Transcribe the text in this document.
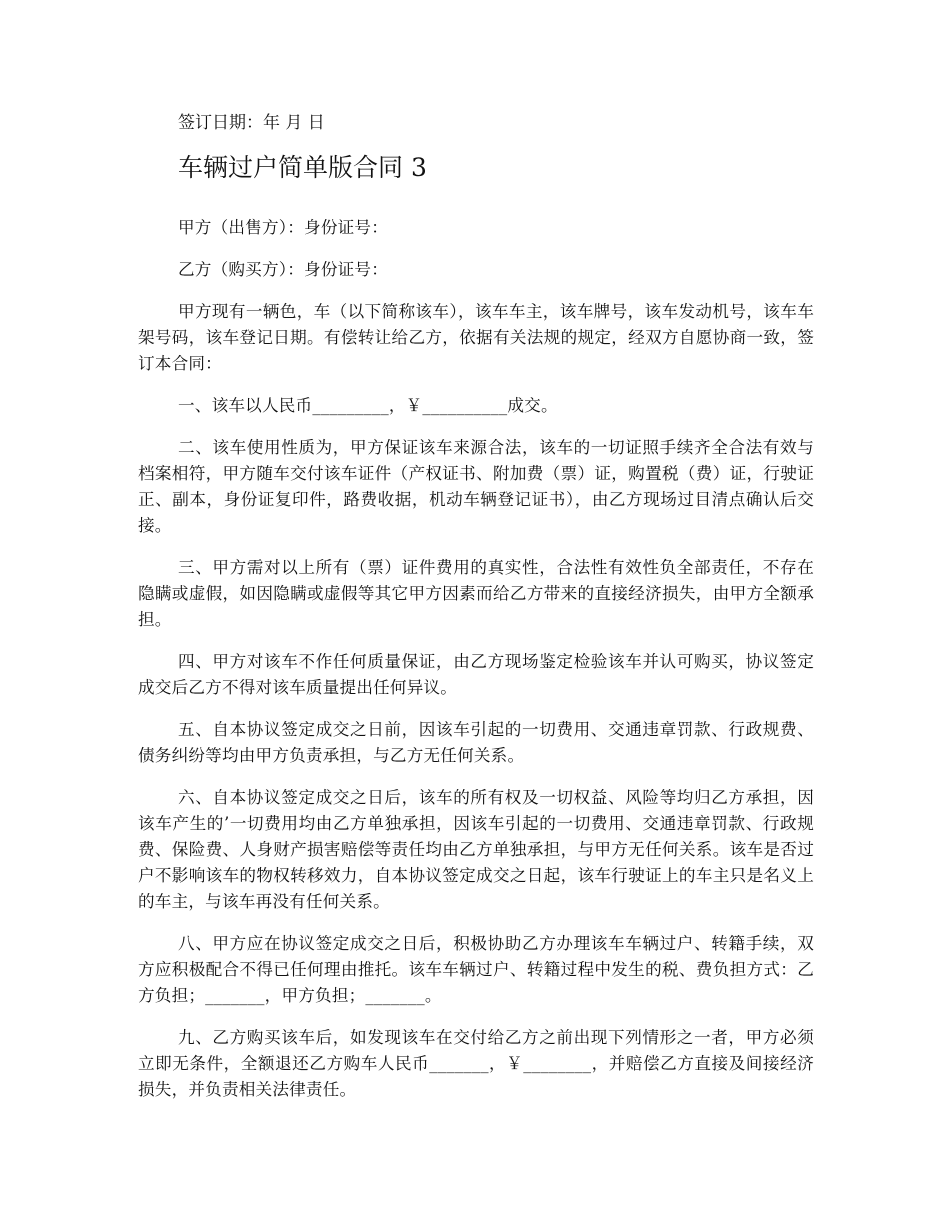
签订日期：年 月 日
车辆过户简单版合同 3

甲方（出售方）：身份证号：

乙方（购买方）：身份证号：

甲方现有一辆色，车（以下简称该车），该车车主，该车牌号，该车发动机号，该车车架号码，该车登记日期。有偿转让给乙方，依据有关法规的规定，经双方自愿协商一致，签订本合同：

一、该车以人民币_________，￥__________成交。

二、该车使用性质为，甲方保证该车来源合法，该车的一切证照手续齐全合法有效与档案相符，甲方随车交付该车证件（产权证书、附加费（票）证，购置税（费）证，行驶证正、副本，身份证复印件，路费收据，机动车辆登记证书），由乙方现场过目清点确认后交接。

三、甲方需对以上所有（票）证件费用的真实性，合法性有效性负全部责任，不存在隐瞒或虚假，如因隐瞒或虚假等其它甲方因素而给乙方带来的直接经济损失，由甲方全额承担。

四、甲方对该车不作任何质量保证，由乙方现场鉴定检验该车并认可购买，协议签定成交后乙方不得对该车质量提出任何异议。

五、自本协议签定成交之日前，因该车引起的一切费用、交通违章罚款、行政规费、债务纠纷等均由甲方负责承担，与乙方无任何关系。

六、自本协议签定成交之日后，该车的所有权及一切权益、风险等均归乙方承担，因该车产生的’一切费用均由乙方单独承担，因该车引起的一切费用、交通违章罚款、行政规费、保险费、人身财产损害赔偿等责任均由乙方单独承担，与甲方无任何关系。该车是否过户不影响该车的物权转移效力，自本协议签定成交之日起，该车行驶证上的车主只是名义上的车主，与该车再没有任何关系。

八、甲方应在协议签定成交之日后，积极协助乙方办理该车车辆过户、转籍手续，双方应积极配合不得已任何理由推托。该车车辆过户、转籍过程中发生的税、费负担方式：乙方负担；_______，甲方负担；_______。

九、乙方购买该车后，如发现该车在交付给乙方之前出现下列情形之一者，甲方必须立即无条件，全额退还乙方购车人民币_______，￥________，并赔偿乙方直接及间接经济损失，并负责相关法律责任。
